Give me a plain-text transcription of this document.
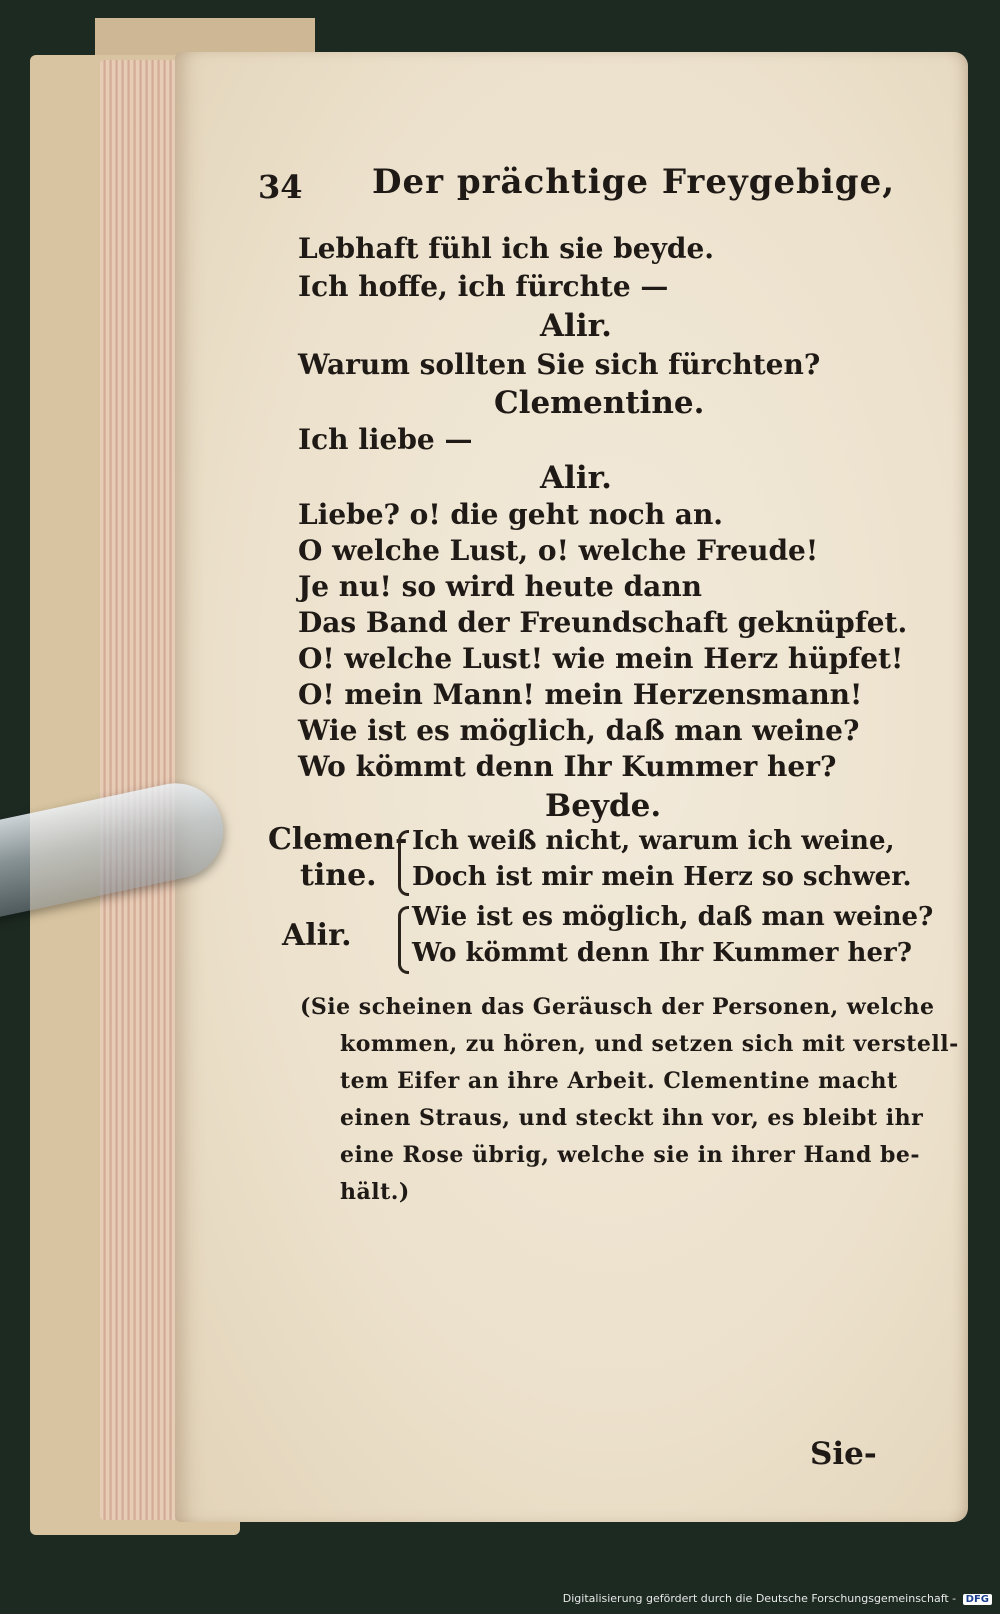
34 Der prächtige Freygebige,
Lebhaft fühl ich sie beyde.
Ich hoffe, ich fürchte —
Alir.
Warum sollten Sie sich fürchten?
Clementine.
Ich liebe —
Alir.
Liebe? o! die geht noch an.
O welche Lust, o! welche Freude!
Je nu! so wird heute dann
Das Band der Freundschaft geknüpfet.
O! welche Lust! wie mein Herz hüpfet!
O! mein Mann! mein Herzensmann!
Wie ist es möglich, daß man weine?
Wo kömmt denn Ihr Kummer her?
Beyde.
Clemen-
tine.
Ich weiß nicht, warum ich weine,
Doch ist mir mein Herz so schwer.
Alir.
Wie ist es möglich, daß man weine?
Wo kömmt denn Ihr Kummer her?
(Sie scheinen das Geräusch der Personen, welche
kommen, zu hören, und setzen sich mit verstell-
tem Eifer an ihre Arbeit. Clementine macht
einen Straus, und steckt ihn vor, es bleibt ihr
eine Rose übrig, welche sie in ihrer Hand be-
hält.)
Sie-
Digitalisierung gefördert durch die Deutsche Forschungsgemeinschaft - DFG
